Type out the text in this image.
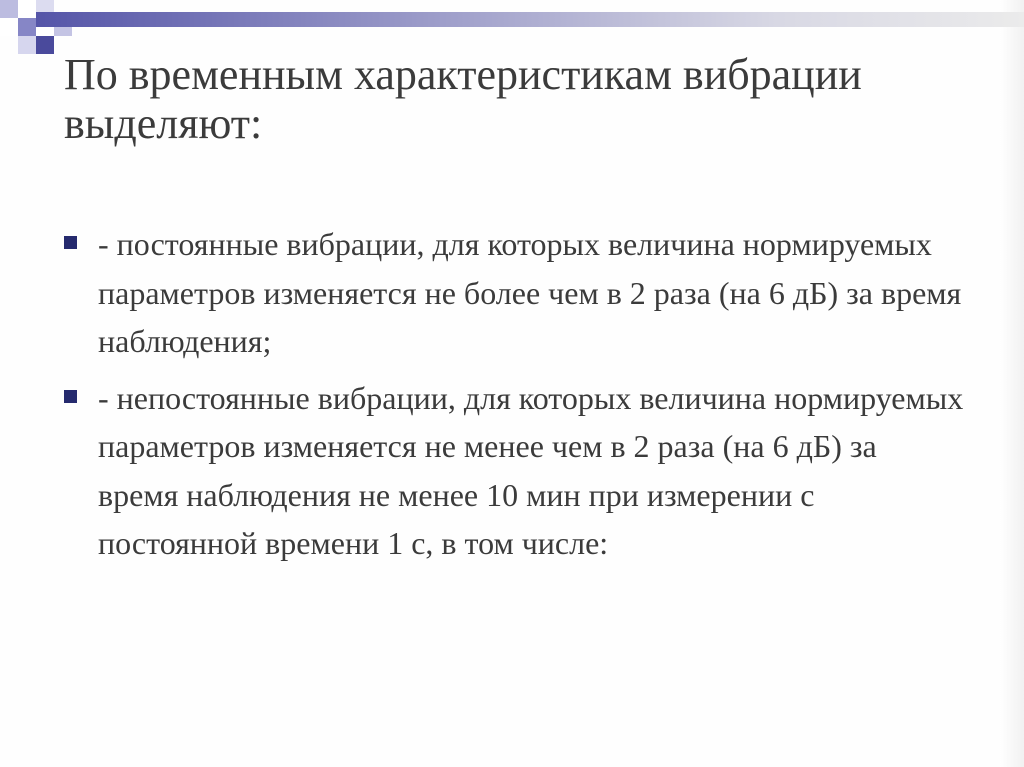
По временным характеристикам вибрации выделяют:
- постоянные вибрации, для которых величина нормируемых параметров изменяется не более чем в 2 раза (на 6 дБ) за время наблюдения;
- непостоянные вибрации, для которых величина нормируемых параметров изменяется не менее чем в 2 раза (на 6 дБ) за время наблюдения не менее 10 мин при измерении с постоянной времени 1 с, в том числе:
